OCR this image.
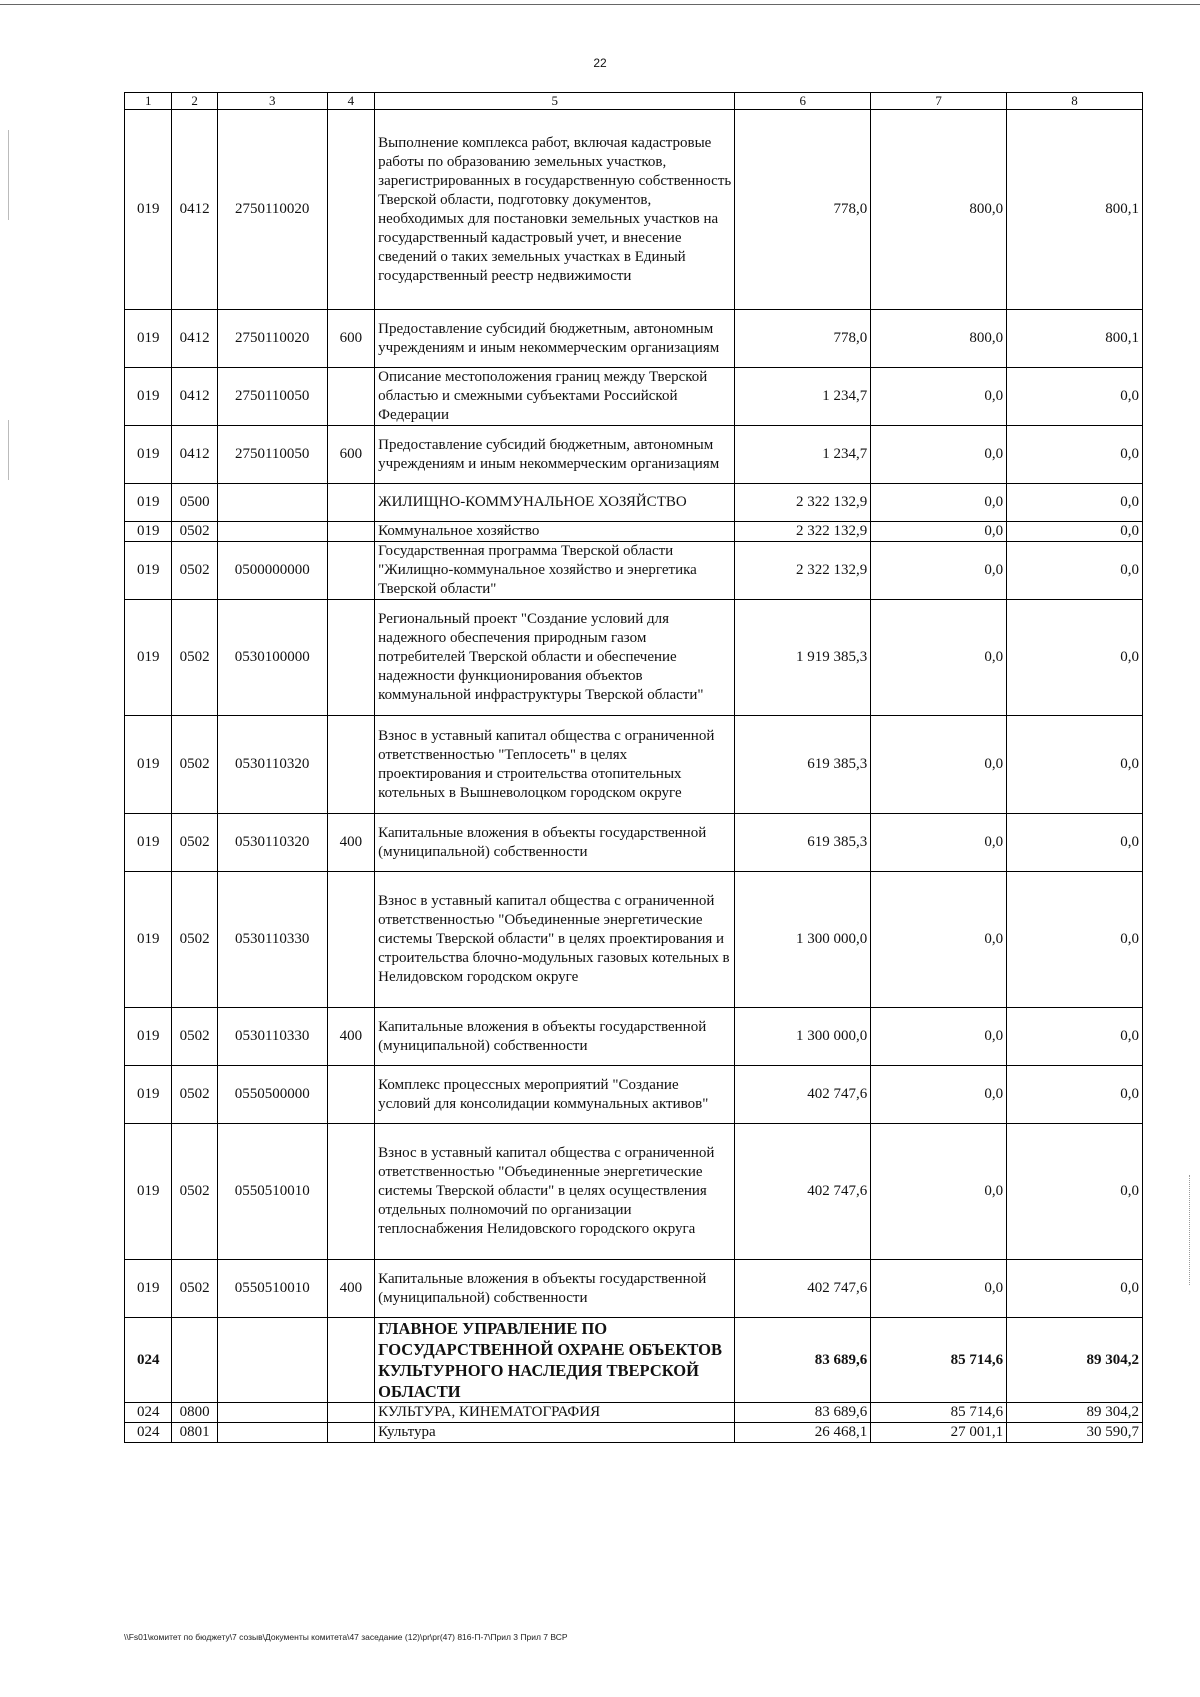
22
1	2	3	4	5	6	7	8
019	0412	2750110020		Выполнение комплекса работ, включая кадастровые работы по образованию земельных участков, зарегистрированных в государственную собственность Тверской области, подготовку документов, необходимых для постановки земельных участков на государственный кадастровый учет, и внесение сведений о таких земельных участках в Единый государственный реестр недвижимости	778,0	800,0	800,1
019	0412	2750110020	600	Предоставление субсидий бюджетным, автономным учреждениям и иным некоммерческим организациям	778,0	800,0	800,1
019	0412	2750110050		Описание местоположения границ между Тверской областью и смежными субъектами Российской Федерации	1 234,7	0,0	0,0
019	0412	2750110050	600	Предоставление субсидий бюджетным, автономным учреждениям и иным некоммерческим организациям	1 234,7	0,0	0,0
019	0500			ЖИЛИЩНО-КОММУНАЛЬНОЕ ХОЗЯЙСТВО	2 322 132,9	0,0	0,0
019	0502			Коммунальное хозяйство	2 322 132,9	0,0	0,0
019	0502	0500000000		Государственная программа Тверской области "Жилищно-коммунальное хозяйство и энергетика Тверской области"	2 322 132,9	0,0	0,0
019	0502	0530100000		Региональный проект "Создание условий для надежного обеспечения природным газом потребителей Тверской области и обеспечение надежности функционирования объектов коммунальной инфраструктуры Тверской области"	1 919 385,3	0,0	0,0
019	0502	0530110320		Взнос в уставный капитал общества с ограниченной ответственностью "Теплосеть" в целях проектирования и строительства отопительных котельных в Вышневолоцком городском округе	619 385,3	0,0	0,0
019	0502	0530110320	400	Капитальные вложения в объекты государственной (муниципальной) собственности	619 385,3	0,0	0,0
019	0502	0530110330		Взнос в уставный капитал общества с ограниченной ответственностью "Объединенные энергетические системы Тверской области" в целях проектирования и строительства блочно-модульных газовых котельных в Нелидовском городском округе	1 300 000,0	0,0	0,0
019	0502	0530110330	400	Капитальные вложения в объекты государственной (муниципальной) собственности	1 300 000,0	0,0	0,0
019	0502	0550500000		Комплекс процессных мероприятий "Создание условий для консолидации коммунальных активов"	402 747,6	0,0	0,0
019	0502	0550510010		Взнос в уставный капитал общества с ограниченной ответственностью "Объединенные энергетические системы Тверской области" в целях осуществления отдельных полномочий по организации теплоснабжения Нелидовского городского округа	402 747,6	0,0	0,0
019	0502	0550510010	400	Капитальные вложения в объекты государственной (муниципальной) собственности	402 747,6	0,0	0,0
024				ГЛАВНОЕ УПРАВЛЕНИЕ ПО ГОСУДАРСТВЕННОЙ ОХРАНЕ ОБЪЕКТОВ КУЛЬТУРНОГО НАСЛЕДИЯ ТВЕРСКОЙ ОБЛАСТИ	83 689,6	85 714,6	89 304,2
024	0800			КУЛЬТУРА, КИНЕМАТОГРАФИЯ	83 689,6	85 714,6	89 304,2
024	0801			Культура	26 468,1	27 001,1	30 590,7
\\Fs01\комитет по бюджету\7 созыв\Документы комитета\47 заседание (12)\pr\pr(47) 816-П-7\Прил 3 Прил 7 ВСР
